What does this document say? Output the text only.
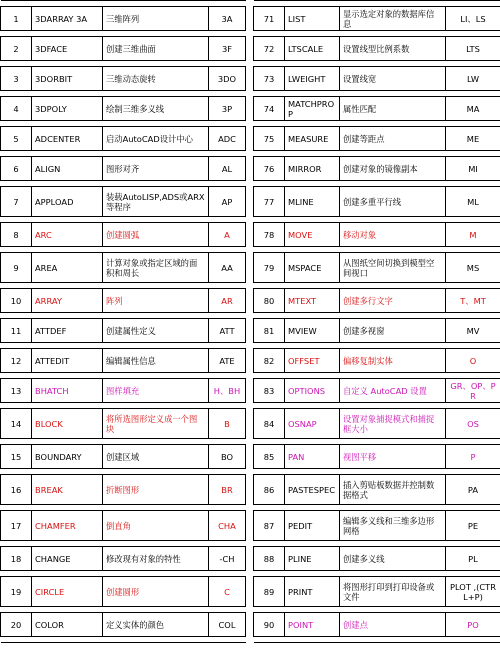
1	3DARRAY 3A	三维阵列	3A		71	LIST	显示选定对象的数据库信息	LI、LS

2	3DFACE	创建三维曲面	3F		72	LTSCALE	设置线型比例系数	LTS

3	3DORBIT	三维动态旋转	3DO		73	LWEIGHT	设置线宽	LW

4	3DPOLY	绘制三维多义线	3P		74	MATCHPROP	属性匹配	MA

5	ADCENTER	启动AutoCAD设计中心	ADC		75	MEASURE	创建等距点	ME

6	ALIGN	图形对齐	AL		76	MIRROR	创建对象的镜像副本	MI

7	APPLOAD	装载AutoLISP,ADS或ARX等程序	AP		77	MLINE	创建多重平行线	ML

8	ARC	创建圆弧	A		78	MOVE	移动对象	M

9	AREA	计算对象或指定区域的面积和周长	AA		79	MSPACE	从图纸空间切换到模型空间视口	MS

10	ARRAY	阵列	AR		80	MTEXT	创建多行文字	T、MT

11	ATTDEF	创建属性定义	ATT		81	MVIEW	创建多视窗	MV

12	ATTEDIT	编辑属性信息	ATE		82	OFFSET	偏移复制实体	O

13	BHATCH	图样填充	H、BH		83	OPTIONS	自定义 AutoCAD 设置	GR、OP、PR

14	BLOCK	将所选图形定义成一个图块	B		84	OSNAP	设置对象捕捉模式和捕捉框大小	OS

15	BOUNDARY	创建区域	BO		85	PAN	视图平移	P

16	BREAK	折断图形	BR		86	PASTESPEC	插入剪贴板数据并控制数据格式	PA

17	CHAMFER	倒直角	CHA		87	PEDIT	编辑多义线和三维多边形网格	PE

18	CHANGE	修改现有对象的特性	-CH		88	PLINE	创建多义线	PL

19	CIRCLE	创建圆形	C		89	PRINT	将图形打印到打印设备或文件	PLOT ,(CTRL+P)

20	COLOR	定义实体的颜色	COL		90	POINT	创建点	PO
